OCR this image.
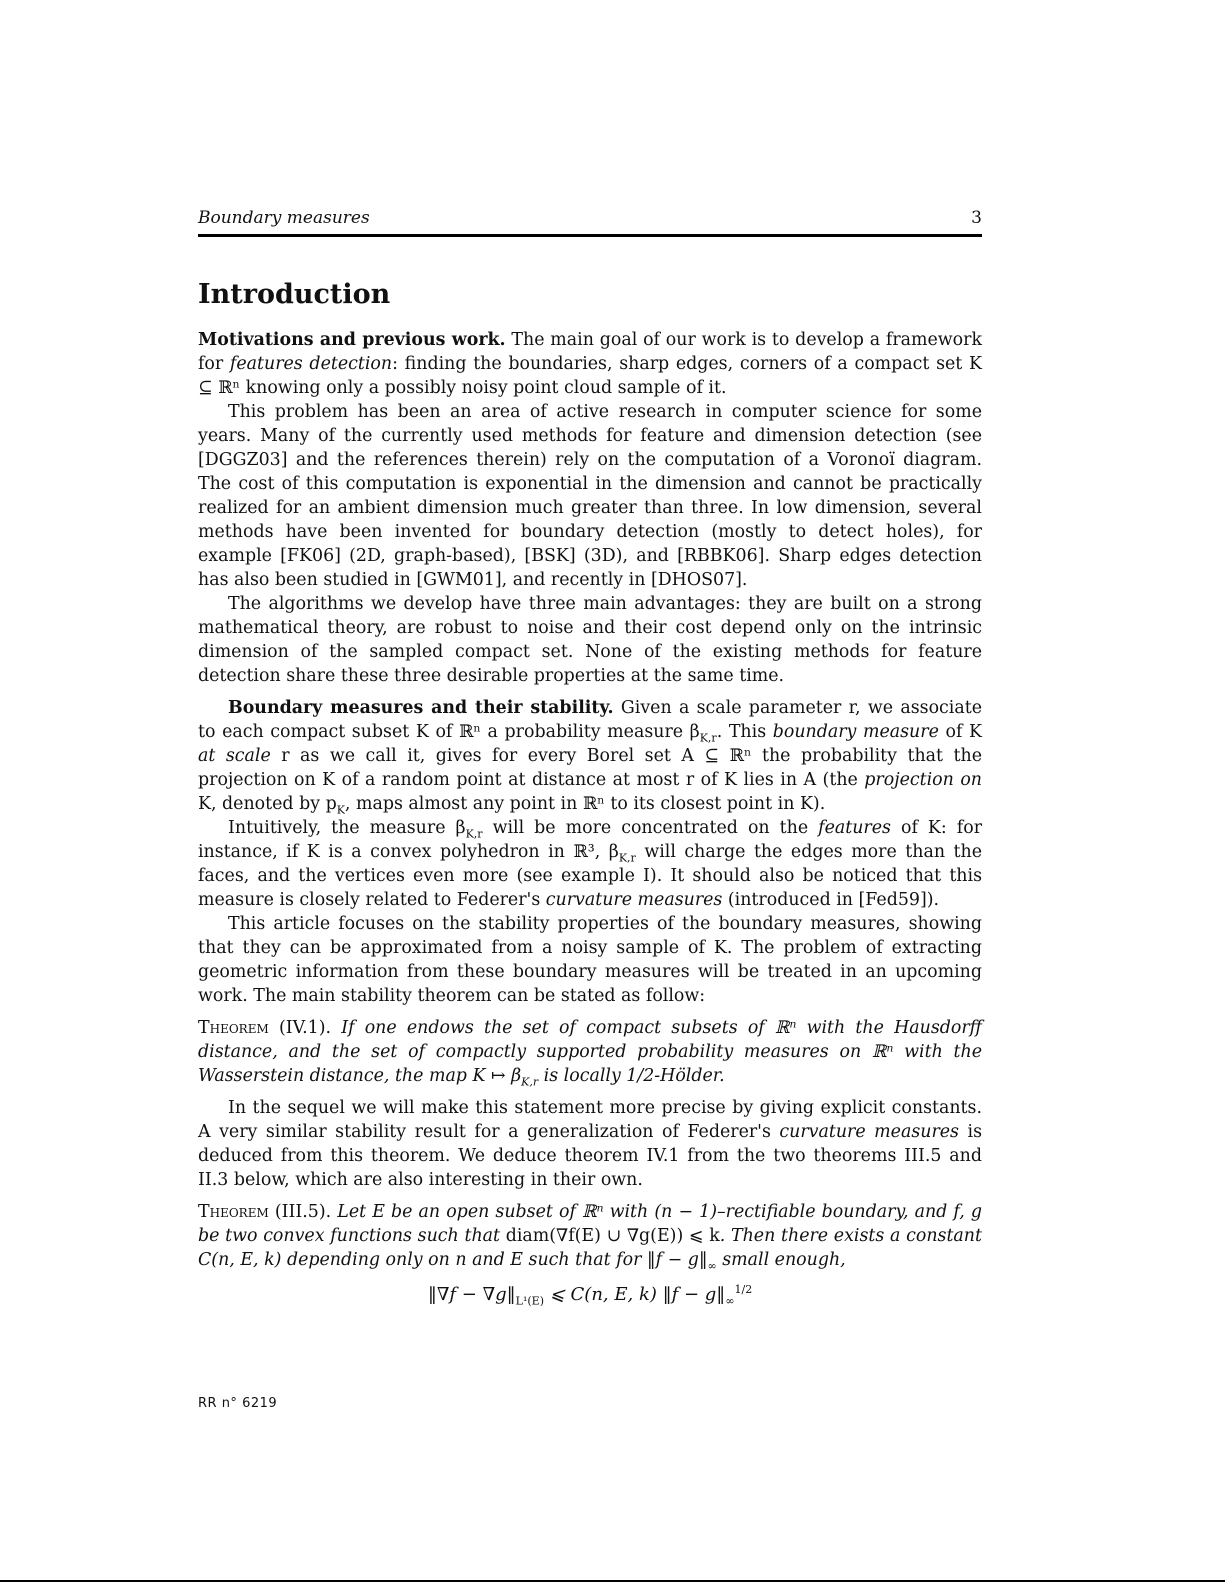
Boundary measures	3
Introduction

Motivations and previous work. The main goal of our work is to develop a framework for features detection: finding the boundaries, sharp edges, corners of a compact set K ⊆ ℝⁿ knowing only a possibly noisy point cloud sample of it.

This problem has been an area of active research in computer science for some years. Many of the currently used methods for feature and dimension detection (see [DGGZ03] and the references therein) rely on the computation of a Voronoï diagram. The cost of this computation is exponential in the dimension and cannot be practically realized for an ambient dimension much greater than three. In low dimension, several methods have been invented for boundary detection (mostly to detect holes), for example [FK06] (2D, graph-based), [BSK] (3D), and [RBBK06]. Sharp edges detection has also been studied in [GWM01], and recently in [DHOS07].

The algorithms we develop have three main advantages: they are built on a strong mathematical theory, are robust to noise and their cost depend only on the intrinsic dimension of the sampled compact set. None of the existing methods for feature detection share these three desirable properties at the same time.

Boundary measures and their stability. Given a scale parameter r, we associate to each compact subset K of ℝⁿ a probability measure $\beta_{K,r}$. This boundary measure of K at scale r as we call it, gives for every Borel set A ⊆ ℝⁿ the probability that the projection on K of a random point at distance at most r of K lies in A (the projection on K, denoted by $p_K$, maps almost any point in ℝⁿ to its closest point in K).

Intuitively, the measure $\beta_{K,r}$ will be more concentrated on the features of K: for instance, if K is a convex polyhedron in ℝ³, $\beta_{K,r}$ will charge the edges more than the faces, and the vertices even more (see example I). It should also be noticed that this measure is closely related to Federer's curvature measures (introduced in [Fed59]).

This article focuses on the stability properties of the boundary measures, showing that they can be approximated from a noisy sample of K. The problem of extracting geometric information from these boundary measures will be treated in an upcoming work. The main stability theorem can be stated as follow:

Theorem (IV.1). If one endows the set of compact subsets of ℝⁿ with the Hausdorff distance, and the set of compactly supported probability measures on ℝⁿ with the Wasserstein distance, the map K ↦ $\beta_{K,r}$ is locally 1/2-Hölder.

In the sequel we will make this statement more precise by giving explicit constants. A very similar stability result for a generalization of Federer's curvature measures is deduced from this theorem. We deduce theorem IV.1 from the two theorems III.5 and II.3 below, which are also interesting in their own.

Theorem (III.5). Let E be an open subset of ℝⁿ with (n − 1)–rectifiable boundary, and f, g be two convex functions such that diam(∇f(E) ∪ ∇g(E)) ⩽ k. Then there exists a constant C(n, E, k) depending only on n and E such that for ‖f − $g‖_\infty$ small enough,

‖∇f − $\nabla g‖_{L^1(E)}$ ⩽ C(n, E, k) ‖f − $g‖_\infty^{1/2}$
RR n° 6219
